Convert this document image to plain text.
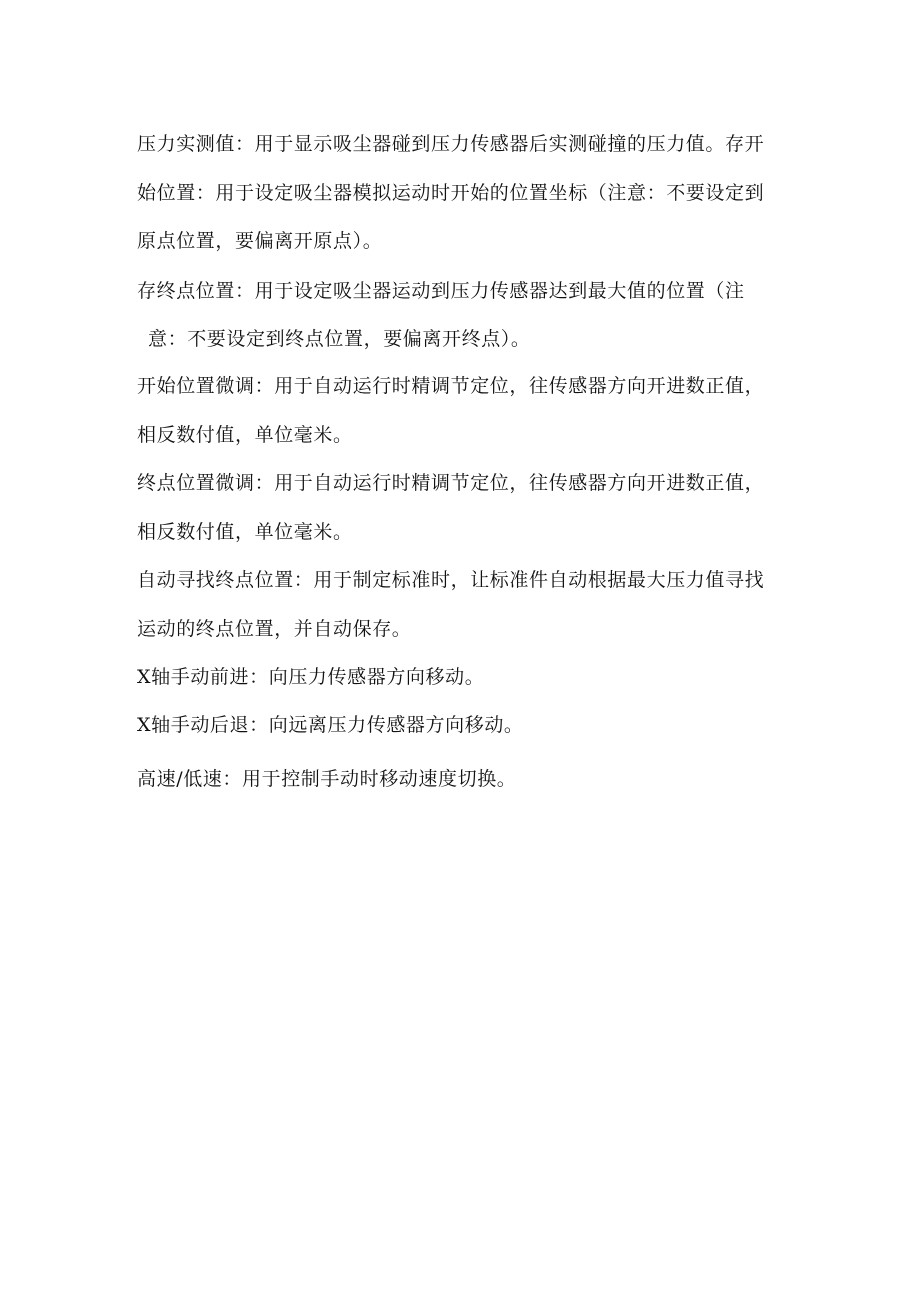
压力实测值：用于显示吸尘器碰到压力传感器后实测碰撞的压力值。存开
始位置：用于设定吸尘器模拟运动时开始的位置坐标（注意：不要设定到
原点位置，要偏离开原点）。
存终点位置：用于设定吸尘器运动到压力传感器达到最大值的位置（注
意：不要设定到终点位置，要偏离开终点）。
开始位置微调：用于自动运行时精调节定位，往传感器方向开进数正值，
相反数付值，单位毫米。
终点位置微调：用于自动运行时精调节定位，往传感器方向开进数正值，
相反数付值，单位毫米。
自动寻找终点位置：用于制定标准时，让标准件自动根据最大压力值寻找
运动的终点位置，并自动保存。
X轴手动前进：向压力传感器方向移动。
X轴手动后退：向远离压力传感器方向移动。
高速/低速：用于控制手动时移动速度切换。
